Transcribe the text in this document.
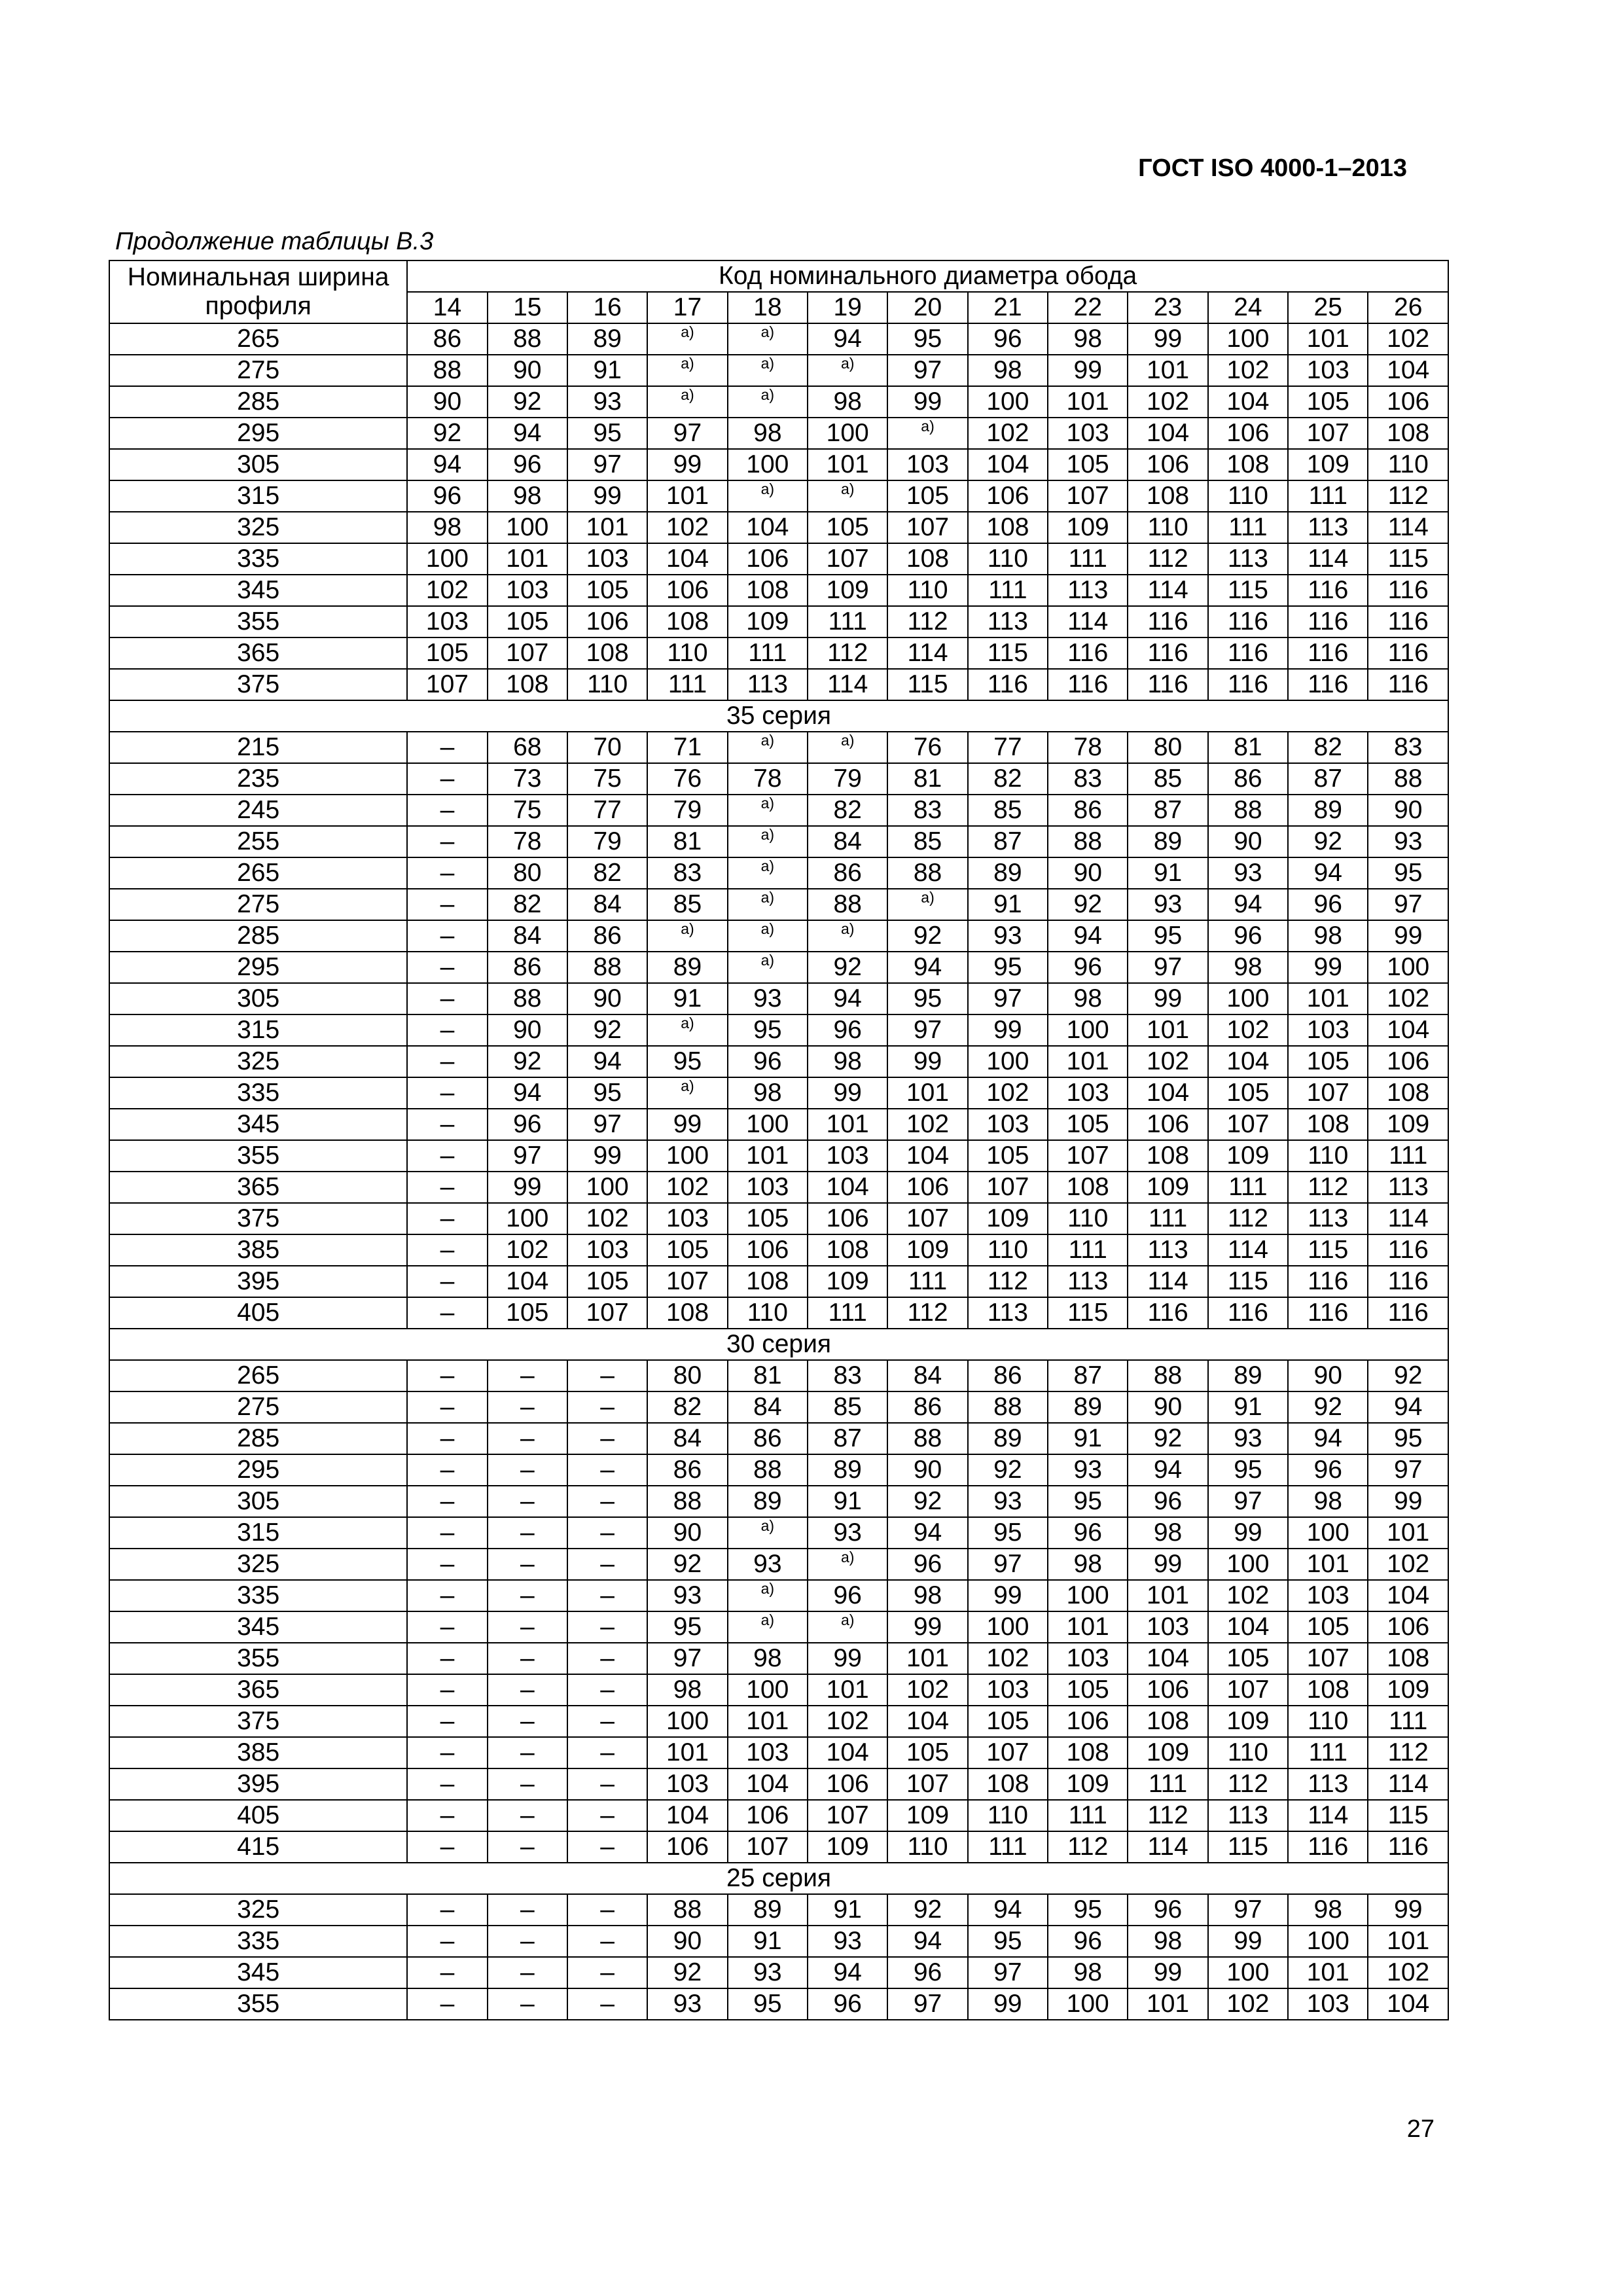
ГОСТ ISO 4000-1–2013
Продолжение таблицы В.3
Номинальная ширина профиля	Код номинального диаметра обода												
	14	15	16	17	18	19	20	21	22	23	24	25	26
265	86	88	89	a)	a)	94	95	96	98	99	100	101	102
275	88	90	91	a)	a)	a)	97	98	99	101	102	103	104
285	90	92	93	a)	a)	98	99	100	101	102	104	105	106
295	92	94	95	97	98	100	a)	102	103	104	106	107	108
305	94	96	97	99	100	101	103	104	105	106	108	109	110
315	96	98	99	101	a)	a)	105	106	107	108	110	111	112
325	98	100	101	102	104	105	107	108	109	110	111	113	114
335	100	101	103	104	106	107	108	110	111	112	113	114	115
345	102	103	105	106	108	109	110	111	113	114	115	116	116
355	103	105	106	108	109	111	112	113	114	116	116	116	116
365	105	107	108	110	111	112	114	115	116	116	116	116	116
375	107	108	110	111	113	114	115	116	116	116	116	116	116
35 серия													
215	–	68	70	71	a)	a)	76	77	78	80	81	82	83
235	–	73	75	76	78	79	81	82	83	85	86	87	88
245	–	75	77	79	a)	82	83	85	86	87	88	89	90
255	–	78	79	81	a)	84	85	87	88	89	90	92	93
265	–	80	82	83	a)	86	88	89	90	91	93	94	95
275	–	82	84	85	a)	88	a)	91	92	93	94	96	97
285	–	84	86	a)	a)	a)	92	93	94	95	96	98	99
295	–	86	88	89	a)	92	94	95	96	97	98	99	100
305	–	88	90	91	93	94	95	97	98	99	100	101	102
315	–	90	92	a)	95	96	97	99	100	101	102	103	104
325	–	92	94	95	96	98	99	100	101	102	104	105	106
335	–	94	95	a)	98	99	101	102	103	104	105	107	108
345	–	96	97	99	100	101	102	103	105	106	107	108	109
355	–	97	99	100	101	103	104	105	107	108	109	110	111
365	–	99	100	102	103	104	106	107	108	109	111	112	113
375	–	100	102	103	105	106	107	109	110	111	112	113	114
385	–	102	103	105	106	108	109	110	111	113	114	115	116
395	–	104	105	107	108	109	111	112	113	114	115	116	116
405	–	105	107	108	110	111	112	113	115	116	116	116	116
30 серия													
265	–	–	–	80	81	83	84	86	87	88	89	90	92
275	–	–	–	82	84	85	86	88	89	90	91	92	94
285	–	–	–	84	86	87	88	89	91	92	93	94	95
295	–	–	–	86	88	89	90	92	93	94	95	96	97
305	–	–	–	88	89	91	92	93	95	96	97	98	99
315	–	–	–	90	a)	93	94	95	96	98	99	100	101
325	–	–	–	92	93	a)	96	97	98	99	100	101	102
335	–	–	–	93	a)	96	98	99	100	101	102	103	104
345	–	–	–	95	a)	a)	99	100	101	103	104	105	106
355	–	–	–	97	98	99	101	102	103	104	105	107	108
365	–	–	–	98	100	101	102	103	105	106	107	108	109
375	–	–	–	100	101	102	104	105	106	108	109	110	111
385	–	–	–	101	103	104	105	107	108	109	110	111	112
395	–	–	–	103	104	106	107	108	109	111	112	113	114
405	–	–	–	104	106	107	109	110	111	112	113	114	115
415	–	–	–	106	107	109	110	111	112	114	115	116	116
25 серия													
325	–	–	–	88	89	91	92	94	95	96	97	98	99
335	–	–	–	90	91	93	94	95	96	98	99	100	101
345	–	–	–	92	93	94	96	97	98	99	100	101	102
355	–	–	–	93	95	96	97	99	100	101	102	103	104
27
